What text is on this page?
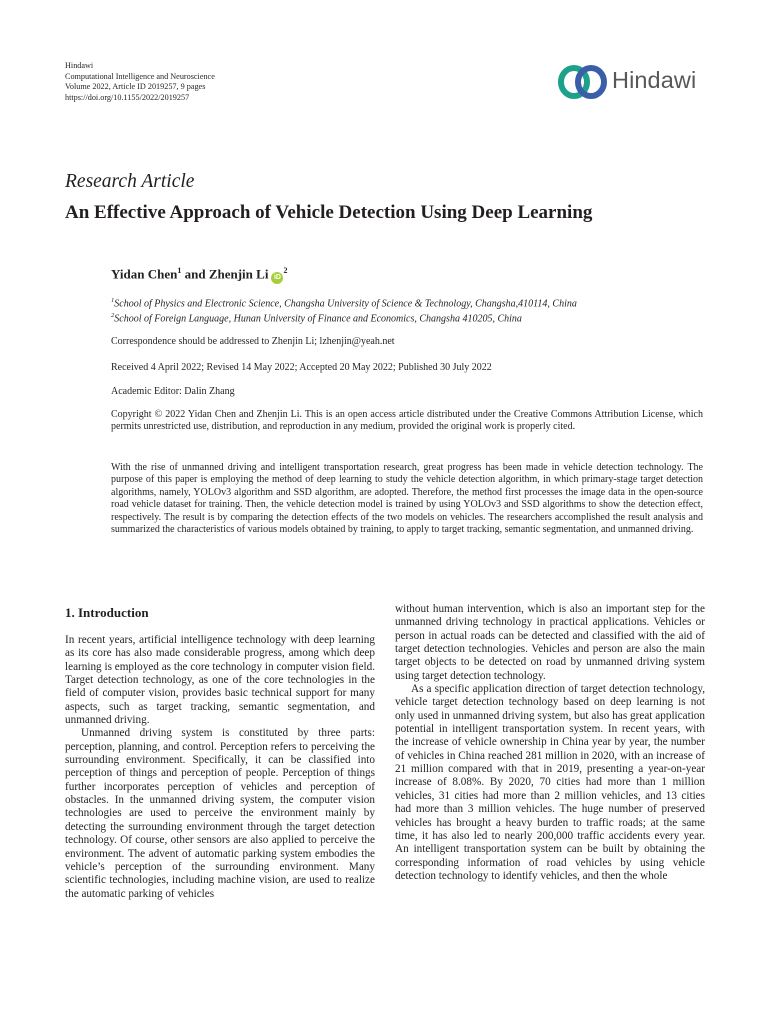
Hindawi
Computational Intelligence and Neuroscience
Volume 2022, Article ID 2019257, 9 pages
https://doi.org/10.1155/2022/2019257
Hindawi
Research Article
An Effective Approach of Vehicle Detection Using Deep Learning
Yidan Chen$^1$ and Zhenjin Li $iD^2$
$^1$School of Physics and Electronic Science, Changsha University of Science & Technology, Changsha,410114, China
$^2$School of Foreign Language, Hunan University of Finance and Economics, Changsha 410205, China
Correspondence should be addressed to Zhenjin Li; lzhenjin@yeah.net
Received 4 April 2022; Revised 14 May 2022; Accepted 20 May 2022; Published 30 July 2022
Academic Editor: Dalin Zhang
Copyright © 2022 Yidan Chen and Zhenjin Li. This is an open access article distributed under the Creative Commons Attribution License, which permits unrestricted use, distribution, and reproduction in any medium, provided the original work is properly cited.
With the rise of unmanned driving and intelligent transportation research, great progress has been made in vehicle detection technology. The purpose of this paper is employing the method of deep learning to study the vehicle detection algorithm, in which primary-stage target detection algorithms, namely, YOLOv3 algorithm and SSD algorithm, are adopted. Therefore, the method first processes the image data in the open-source road vehicle dataset for training. Then, the vehicle detection model is trained by using YOLOv3 and SSD algorithms to show the detection effect, respectively. The result is by comparing the detection effects of the two models on vehicles. The researchers accomplished the result analysis and summarized the characteristics of various models obtained by training, to apply to target tracking, semantic segmentation, and unmanned driving.
1. Introduction

In recent years, artificial intelligence technology with deep learning as its core has also made considerable progress, among which deep learning is employed as the core technology in computer vision field. Target detection technology, as one of the core technologies in the field of computer vision, provides basic technical support for many aspects, such as target tracking, semantic segmentation, and unmanned driving.

Unmanned driving system is constituted by three parts: perception, planning, and control. Perception refers to perceiving the surrounding environment. Specifically, it can be classified into perception of things and perception of people. Perception of things further incorporates perception of vehicles and perception of obstacles. In the unmanned driving system, the computer vision technologies are used to perceive the environment mainly by detecting the surrounding environment through the target detection technology. Of course, other sensors are also applied to perceive the environment. The advent of automatic parking system embodies the vehicle’s perception of the surrounding environment. Many scientific technologies, including machine vision, are used to realize the automatic parking of vehicles

without human intervention, which is also an important step for the unmanned driving technology in practical applications. Vehicles or person in actual roads can be detected and classified with the aid of target detection technologies. Vehicles and person are also the main target objects to be detected on road by unmanned driving system using target detection technology.

As a specific application direction of target detection technology, vehicle target detection technology based on deep learning is not only used in unmanned driving system, but also has great application potential in intelligent transportation system. In recent years, with the increase of vehicle ownership in China year by year, the number of vehicles in China reached 281 million in 2020, with an increase of 21 million compared with that in 2019, presenting a year-on-year increase of 8.08%. By 2020, 70 cities had more than 1 million vehicles, 31 cities had more than 2 million vehicles, and 13 cities had more than 3 million vehicles. The huge number of preserved vehicles has brought a heavy burden to traffic roads; at the same time, it has also led to nearly 200,000 traffic accidents every year. An intelligent transportation system can be built by obtaining the corresponding information of road vehicles by using vehicle detection technology to identify vehicles, and then the whole
